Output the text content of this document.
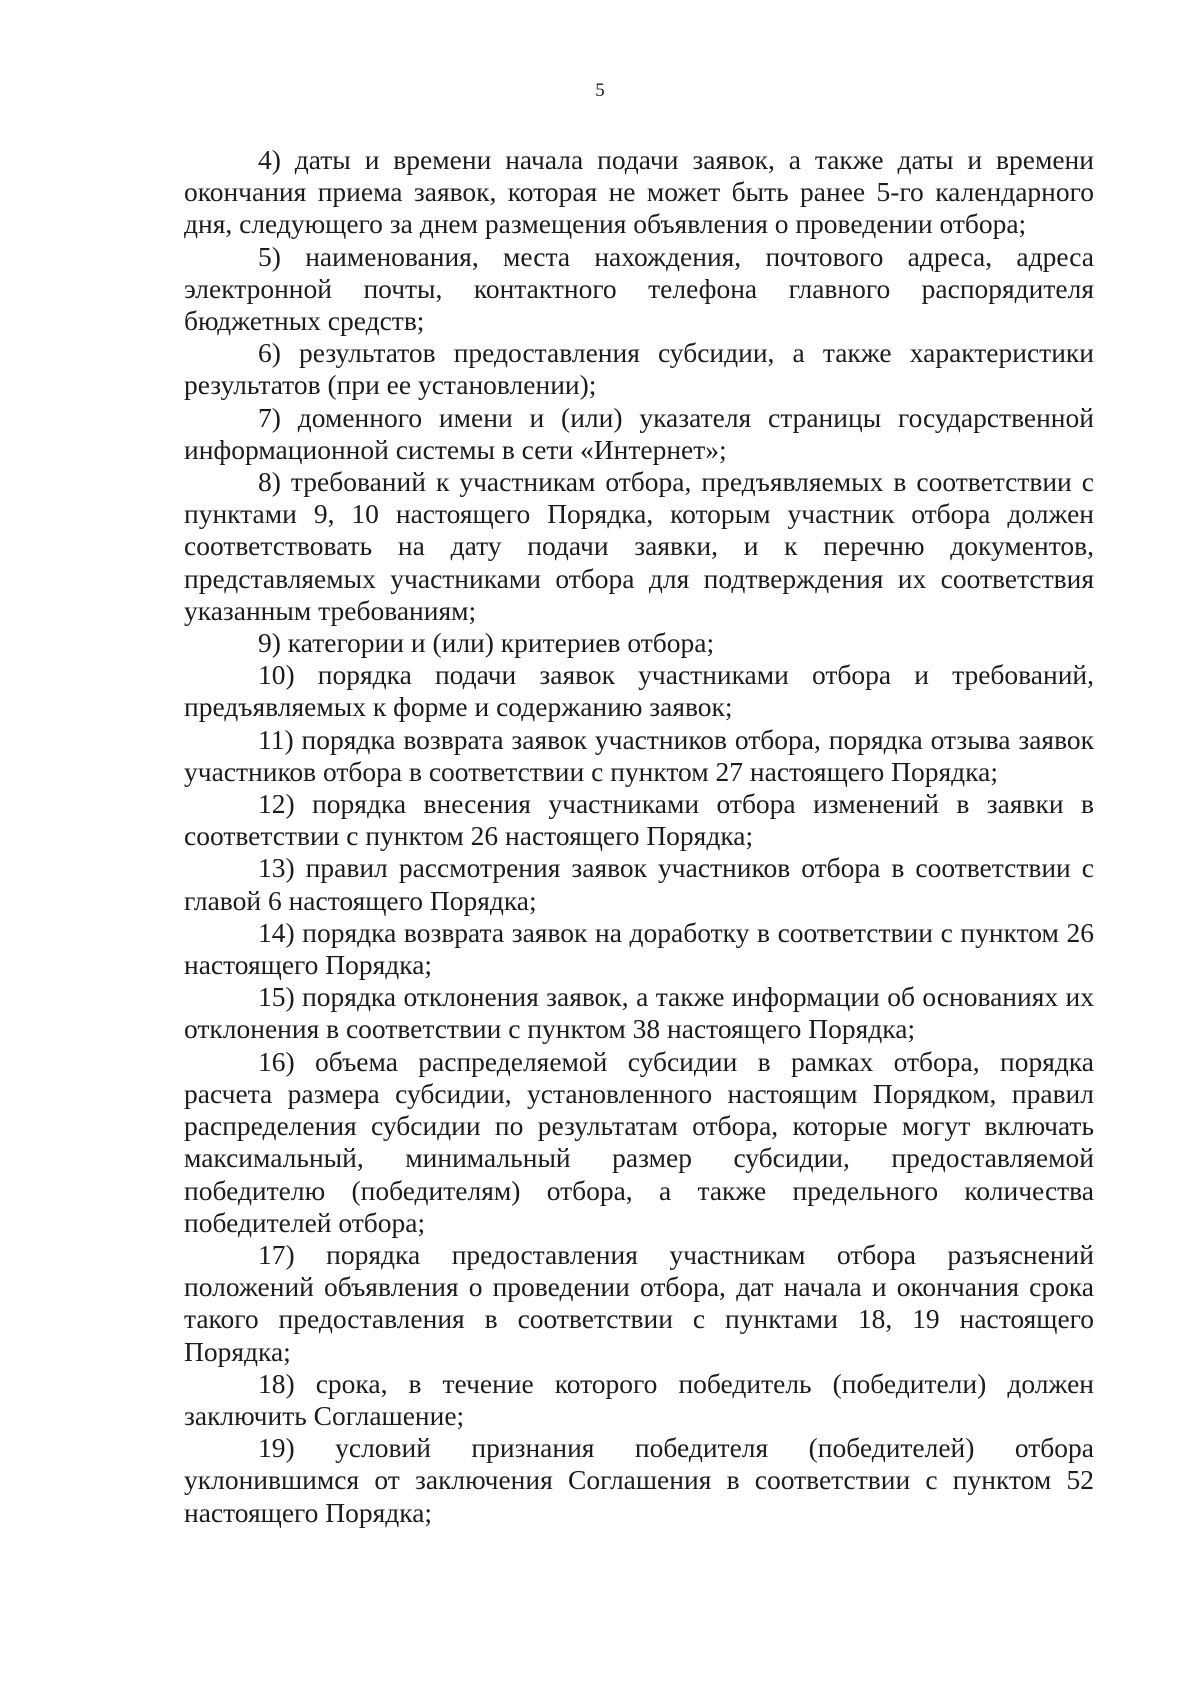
5

4) даты и времени начала подачи заявок, а также даты и времени окончания приема заявок, которая не может быть ранее 5-го календарного дня, следующего за днем размещения объявления о проведении отбора;

5) наименования, места нахождения, почтового адреса, адреса электронной почты, контактного телефона главного распорядителя бюджетных средств;

6) результатов предоставления субсидии, а также характеристики результатов (при ее установлении);

7) доменного имени и (или) указателя страницы государственной информационной системы в сети «Интернет»;

8) требований к участникам отбора, предъявляемых в соответствии с пунктами 9, 10 настоящего Порядка, которым участник отбора должен соответствовать на дату подачи заявки, и к перечню документов, представляемых участниками отбора для подтверждения их соответствия указанным требованиям;

9) категории и (или) критериев отбора;

10) порядка подачи заявок участниками отбора и требований, предъявляемых к форме и содержанию заявок;

11) порядка возврата заявок участников отбора, порядка отзыва заявок участников отбора в соответствии с пунктом 27 настоящего Порядка;

12) порядка внесения участниками отбора изменений в заявки в соответствии с пунктом 26 настоящего Порядка;

13) правил рассмотрения заявок участников отбора в соответствии с главой 6 настоящего Порядка;

14) порядка возврата заявок на доработку в соответствии с пунктом 26 настоящего Порядка;

15) порядка отклонения заявок, а также информации об основаниях их отклонения в соответствии с пунктом 38 настоящего Порядка;

16) объема распределяемой субсидии в рамках отбора, порядка расчета размера субсидии, установленного настоящим Порядком, правил распределения субсидии по результатам отбора, которые могут включать максимальный, минимальный размер субсидии, предоставляемой победителю (победителям) отбора, а также предельного количества победителей отбора;

17) порядка предоставления участникам отбора разъяснений положений объявления о проведении отбора, дат начала и окончания срока такого предоставления в соответствии с пунктами 18, 19 настоящего Порядка;

18) срока, в течение которого победитель (победители) должен заключить Соглашение;

19) условий признания победителя (победителей) отбора уклонившимся от заключения Соглашения в соответствии с пунктом 52 настоящего Порядка;
